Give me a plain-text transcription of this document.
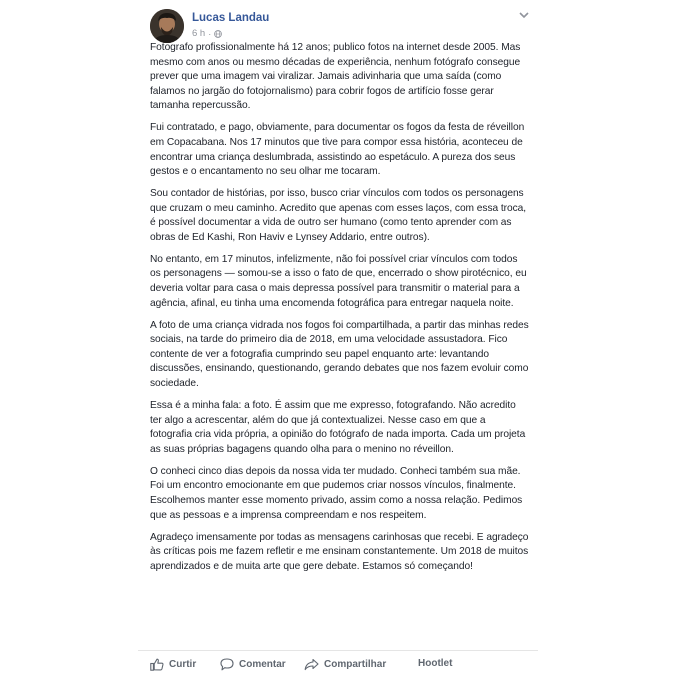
Lucas Landau
6 h ·

Fotografo profissionalmente há 12 anos; publico fotos na internet desde 2005. Mas mesmo com anos ou mesmo décadas de experiência, nenhum fotógrafo consegue prever que uma imagem vai viralizar. Jamais adivinharia que uma saída (como falamos no jargão do fotojornalismo) para cobrir fogos de artifício fosse gerar tamanha repercussão.

Fui contratado, e pago, obviamente, para documentar os fogos da festa de réveillon em Copacabana. Nos 17 minutos que tive para compor essa história, aconteceu de encontrar uma criança deslumbrada, assistindo ao espetáculo. A pureza dos seus gestos e o encantamento no seu olhar me tocaram.

Sou contador de histórias, por isso, busco criar vínculos com todos os personagens que cruzam o meu caminho. Acredito que apenas com esses laços, com essa troca, é possível documentar a vida de outro ser humano (como tento aprender com as obras de Ed Kashi, Ron Haviv e Lynsey Addario, entre outros).

No entanto, em 17 minutos, infelizmente, não foi possível criar vínculos com todos os personagens — somou-se a isso o fato de que, encerrado o show pirotécnico, eu deveria voltar para casa o mais depressa possível para transmitir o material para a agência, afinal, eu tinha uma encomenda fotográfica para entregar naquela noite.

A foto de uma criança vidrada nos fogos foi compartilhada, a partir das minhas redes sociais, na tarde do primeiro dia de 2018, em uma velocidade assustadora. Fico contente de ver a fotografia cumprindo seu papel enquanto arte: levantando discussões, ensinando, questionando, gerando debates que nos fazem evoluir como sociedade.

Essa é a minha fala: a foto. É assim que me expresso, fotografando. Não acredito ter algo a acrescentar, além do que já contextualizei. Nesse caso em que a fotografia cria vida própria, a opinião do fotógrafo de nada importa. Cada um projeta as suas próprias bagagens quando olha para o menino no réveillon.

O conheci cinco dias depois da nossa vida ter mudado. Conheci também sua mãe. Foi um encontro emocionante em que pudemos criar nossos vínculos, finalmente. Escolhemos manter esse momento privado, assim como a nossa relação. Pedimos que as pessoas e a imprensa compreendam e nos respeitem.

Agradeço imensamente por todas as mensagens carinhosas que recebi. E agradeço às críticas pois me fazem refletir e me ensinam constantemente. Um 2018 de muitos aprendizados e de muita arte que gere debate. Estamos só começando!

Curtir	Comentar	Compartilhar	Hootlet
